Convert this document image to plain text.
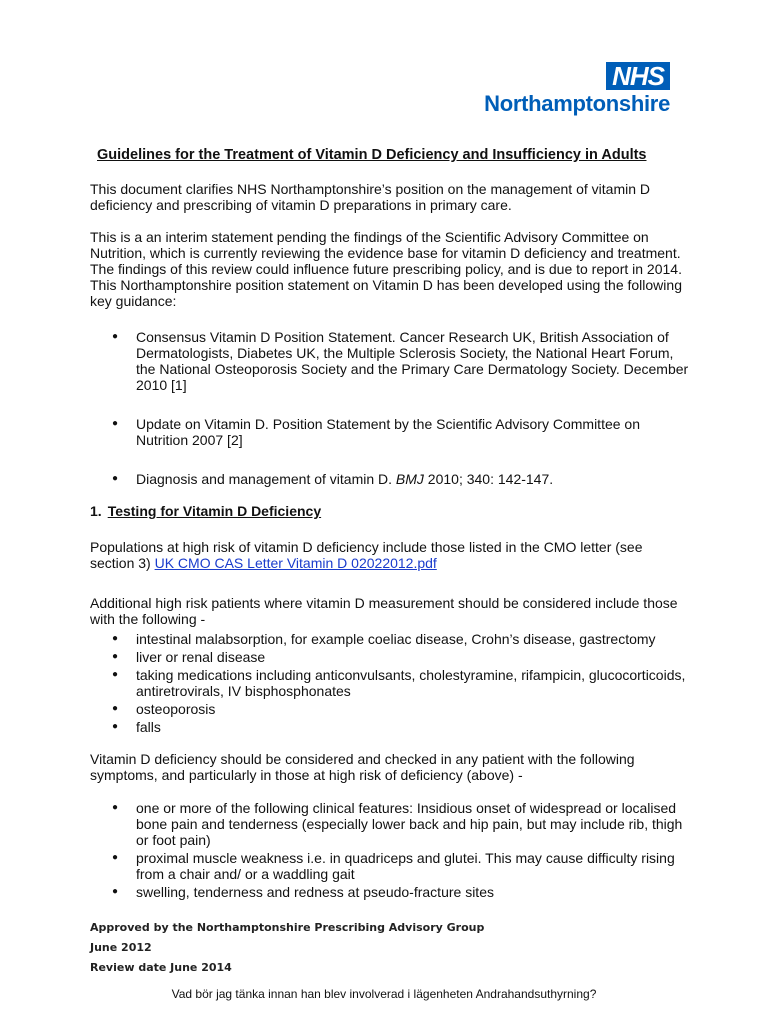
NHS
Northamptonshire
Guidelines for the Treatment of Vitamin D Deficiency and Insufficiency in Adults

This document clarifies NHS Northamptonshire’s position on the management of vitamin D deficiency and prescribing of vitamin D preparations in primary care.

This is a an interim statement pending the findings of the Scientific Advisory Committee on Nutrition, which is currently reviewing the evidence base for vitamin D deficiency and treatment. The findings of this review could influence future prescribing policy, and is due to report in 2014. This Northamptonshire position statement on Vitamin D has been developed using the following key guidance:

● Consensus Vitamin D Position Statement. Cancer Research UK, British Association of Dermatologists, Diabetes UK, the Multiple Sclerosis Society, the National Heart Forum, the National Osteoporosis Society and the Primary Care Dermatology Society. December 2010 [1]
● Update on Vitamin D. Position Statement by the Scientific Advisory Committee on Nutrition 2007 [2]
● Diagnosis and management of vitamin D. BMJ 2010; 340: 142-147.
1. Testing for Vitamin D Deficiency

Populations at high risk of vitamin D deficiency include those listed in the CMO letter (see section 3) UK CMO CAS Letter Vitamin D 02022012.pdf

Additional high risk patients where vitamin D measurement should be considered include those with the following -

● intestinal malabsorption, for example coeliac disease, Crohn’s disease, gastrectomy
● liver or renal disease
● taking medications including anticonvulsants, cholestyramine, rifampicin, glucocorticoids, antiretrovirals, IV bisphosphonates
● osteoporosis
● falls

Vitamin D deficiency should be considered and checked in any patient with the following symptoms, and particularly in those at high risk of deficiency (above) -

● one or more of the following clinical features: Insidious onset of widespread or localised bone pain and tenderness (especially lower back and hip pain, but may include rib, thigh or foot pain)
● proximal muscle weakness i.e. in quadriceps and glutei. This may cause difficulty rising from a chair and/ or a waddling gait
● swelling, tenderness and redness at pseudo-fracture sites
Approved by the Northamptonshire Prescribing Advisory Group
June 2012
Review date June 2014
Vad bör jag tänka innan han blev involverad i lägenheten Andrahandsuthyrning?
